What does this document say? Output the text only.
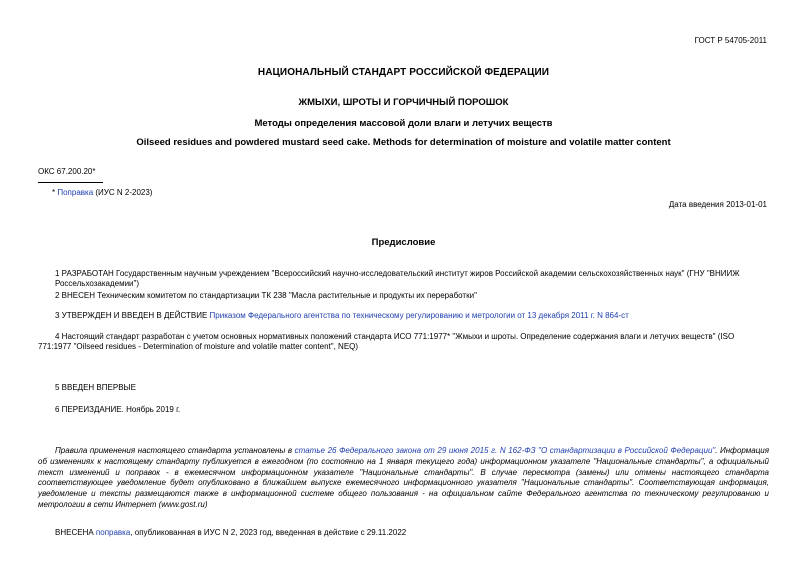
ГОСТ Р 54705-2011
НАЦИОНАЛЬНЫЙ СТАНДАРТ РОССИЙСКОЙ ФЕДЕРАЦИИ
ЖМЫХИ, ШРОТЫ И ГОРЧИЧНЫЙ ПОРОШОК
Методы определения массовой доли влаги и летучих веществ
Oilseed residues and powdered mustard seed cake. Methods for determination of moisture and volatile matter content
ОКС 67.200.20*
* Поправка (ИУС N 2-2023)
Дата введения 2013-01-01
Предисловие
1 РАЗРАБОТАН Государственным научным учреждением "Всероссийский научно-исследовательский институт жиров Российской академии сельскохозяйственных наук" (ГНУ "ВНИИЖ Россельхозакадемии")
2 ВНЕСЕН Техническим комитетом по стандартизации ТК 238 "Масла растительные и продукты их переработки"
3 УТВЕРЖДЕН И ВВЕДЕН В ДЕЙСТВИЕ Приказом Федерального агентства по техническому регулированию и метрологии от 13 декабря 2011 г. N 864-ст
4 Настоящий стандарт разработан с учетом основных нормативных положений стандарта ИСО 771:1977* "Жмыхи и шроты. Определение содержания влаги и летучих веществ" (ISO 771:1977 "Oilseed residues - Determination of moisture and volatile matter content", NEQ)
5 ВВЕДЕН ВПЕРВЫЕ
6 ПЕРЕИЗДАНИЕ. Ноябрь 2019 г.
Правила применения настоящего стандарта установлены в статье 26 Федерального закона от 29 июня 2015 г. N 162-ФЗ "О стандартизации в Российской Федерации". Информация об изменениях к настоящему стандарту публикуется в ежегодном (по состоянию на 1 января текущего года) информационном указателе "Национальные стандарты", а официальный текст изменений и поправок - в ежемесячном информационном указателе "Национальные стандарты". В случае пересмотра (замены) или отмены настоящего стандарта соответствующее уведомление будет опубликовано в ближайшем выпуске ежемесячного информационного указателя "Национальные стандарты". Соответствующая информация, уведомление и тексты размещаются также в информационной системе общего пользования - на официальном сайте Федерального агентства по техническому регулированию и метрологии в сети Интернет (www.gost.ru)
ВНЕСЕНА поправка, опубликованная в ИУС N 2, 2023 год, введенная в действие с 29.11.2022
